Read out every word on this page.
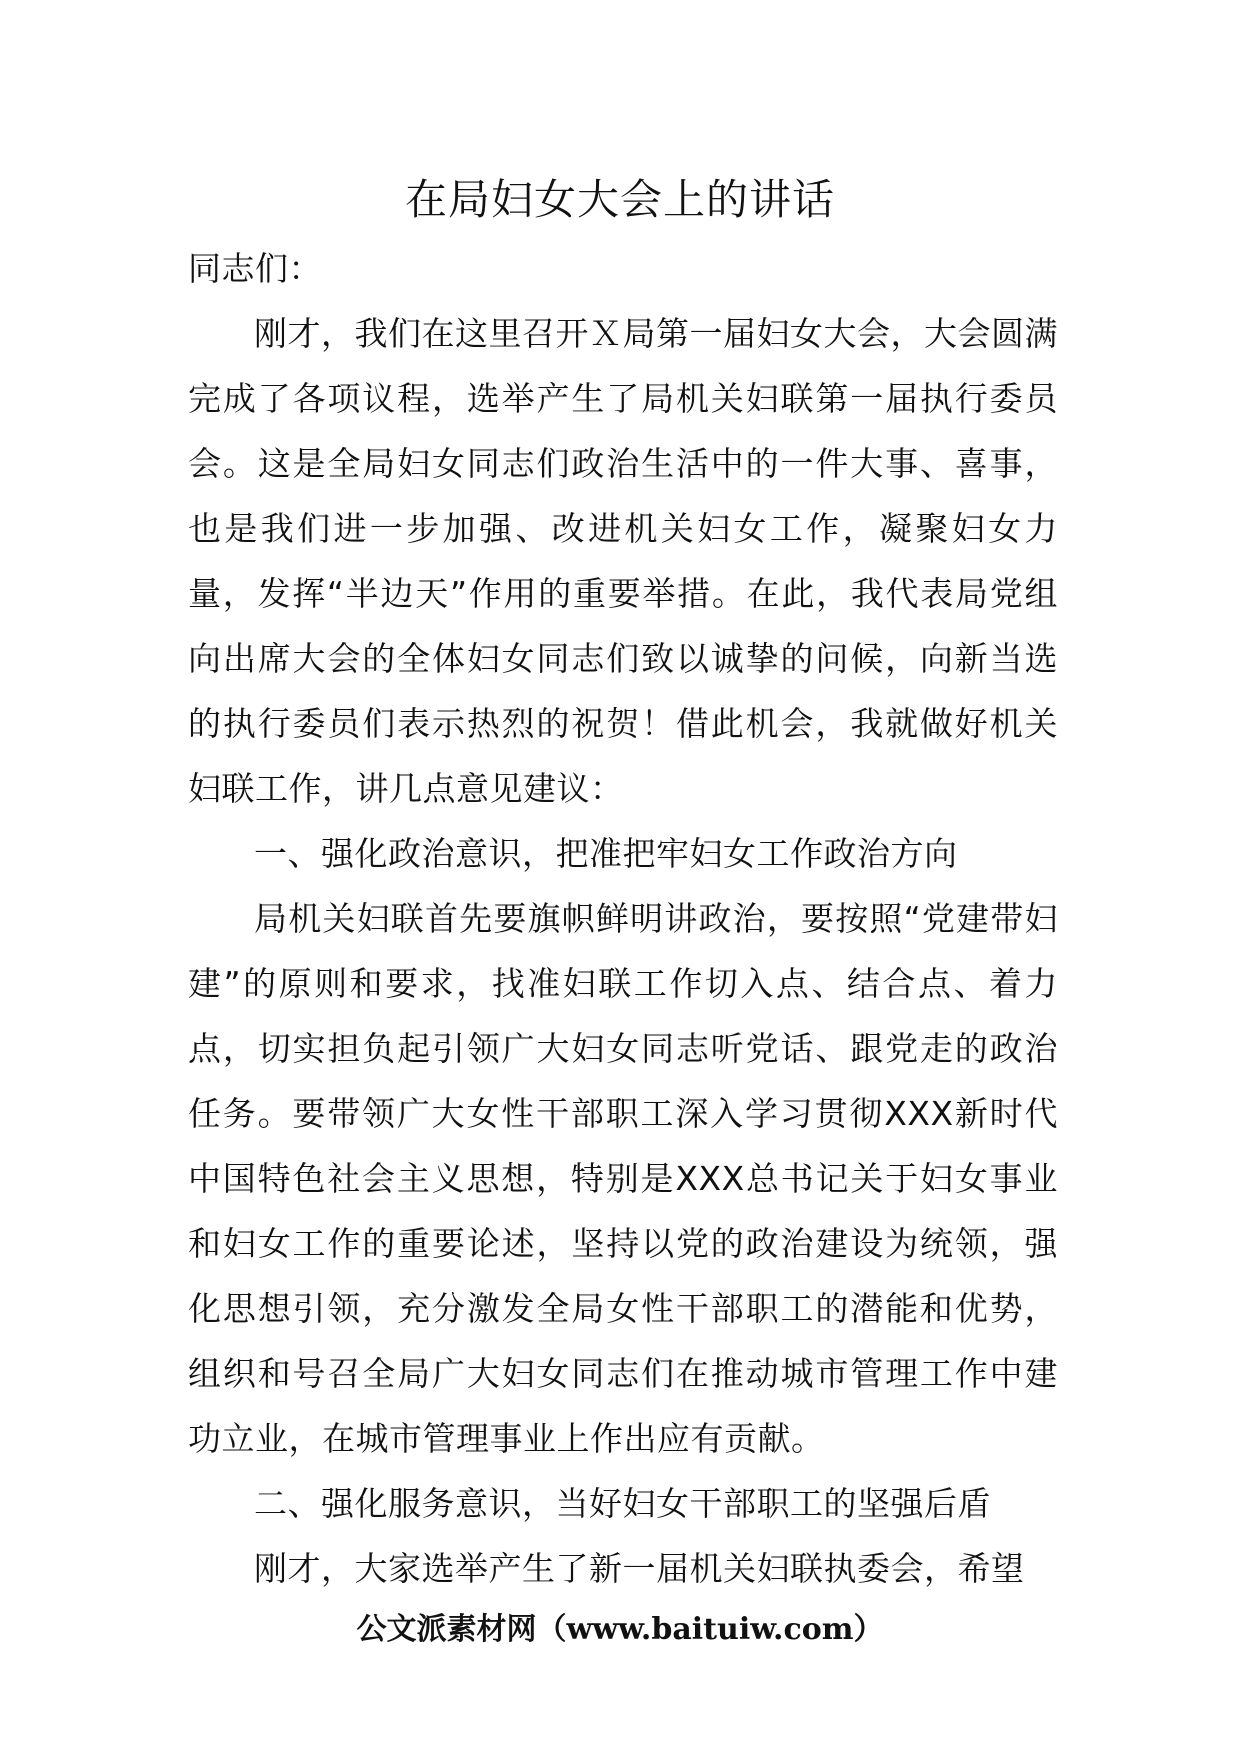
在局妇女大会上的讲话

同志们：

刚才，我们在这里召开Ｘ局第一届妇女大会，大会圆满完成了各项议程，选举产生了局机关妇联第一届执行委员会。这是全局妇女同志们政治生活中的一件大事、喜事，也是我们进一步加强、改进机关妇女工作，凝聚妇女力量，发挥“半边天”作用的重要举措。在此，我代表局党组向出席大会的全体妇女同志们致以诚挚的问候，向新当选的执行委员们表示热烈的祝贺！借此机会，我就做好机关妇联工作，讲几点意见建议：

一、强化政治意识，把准把牢妇女工作政治方向

局机关妇联首先要旗帜鲜明讲政治，要按照“党建带妇建”的原则和要求，找准妇联工作切入点、结合点、着力点，切实担负起引领广大妇女同志听党话、跟党走的政治任务。要带领广大女性干部职工深入学习贯彻XXX新时代中国特色社会主义思想，特别是XXX总书记关于妇女事业和妇女工作的重要论述，坚持以党的政治建设为统领，强化思想引领，充分激发全局女性干部职工的潜能和优势，组织和号召全局广大妇女同志们在推动城市管理工作中建功立业，在城市管理事业上作出应有贡献。

二、强化服务意识，当好妇女干部职工的坚强后盾

刚才，大家选举产生了新一届机关妇联执委会，希望

公文派素材网（www.baituiw.com）
